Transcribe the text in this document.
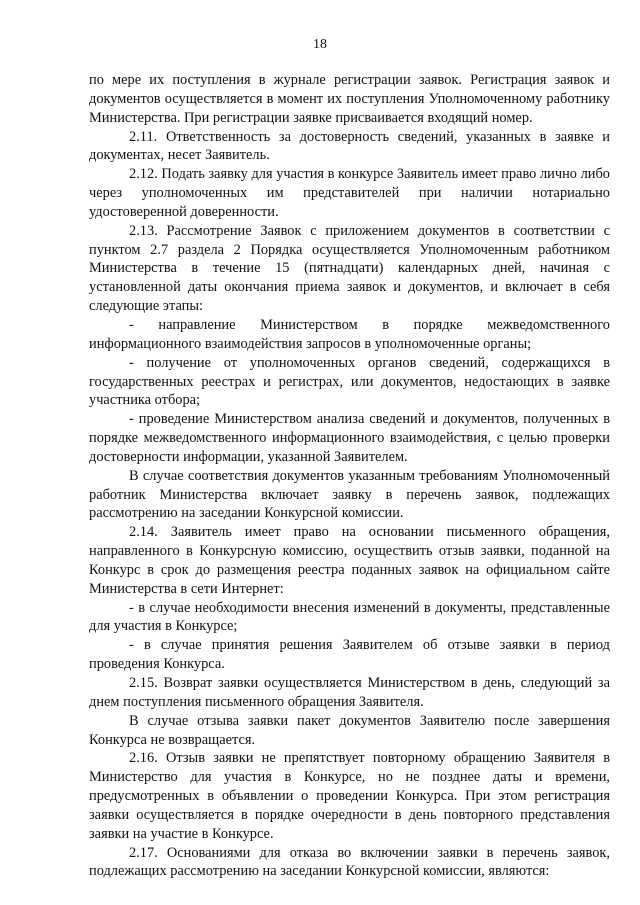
18

по мере их поступления в журнале регистрации заявок. Регистрация заявок и документов осуществляется в момент их поступления Уполномоченному работнику Министерства. При регистрации заявке присваивается входящий номер.

2.11. Ответственность за достоверность сведений, указанных в заявке и документах, несет Заявитель.

2.12. Подать заявку для участия в конкурсе Заявитель имеет право лично либо через уполномоченных им представителей при наличии нотариально удостоверенной доверенности.

2.13. Рассмотрение Заявок с приложением документов в соответствии с пунктом 2.7 раздела 2 Порядка осуществляется Уполномоченным работником Министерства в течение 15 (пятнадцати) календарных дней, начиная с установленной даты окончания приема заявок и документов, и включает в себя следующие этапы:

- направление Министерством в порядке межведомственного информационного взаимодействия запросов в уполномоченные органы;

- получение от уполномоченных органов сведений, содержащихся в государственных реестрах и регистрах, или документов, недостающих в заявке участника отбора;

- проведение Министерством анализа сведений и документов, полученных в порядке межведомственного информационного взаимодействия, с целью проверки достоверности информации, указанной Заявителем.

В случае соответствия документов указанным требованиям Уполномоченный работник Министерства включает заявку в перечень заявок, подлежащих рассмотрению на заседании Конкурсной комиссии.

2.14. Заявитель имеет право на основании письменного обращения, направленного в Конкурсную комиссию, осуществить отзыв заявки, поданной на Конкурс в срок до размещения реестра поданных заявок на официальном сайте Министерства в сети Интернет:

- в случае необходимости внесения изменений в документы, представленные для участия в Конкурсе;

- в случае принятия решения Заявителем об отзыве заявки в период проведения Конкурса.

2.15. Возврат заявки осуществляется Министерством в день, следующий за днем поступления письменного обращения Заявителя.

В случае отзыва заявки пакет документов Заявителю после завершения Конкурса не возвращается.

2.16. Отзыв заявки не препятствует повторному обращению Заявителя в Министерство для участия в Конкурсе, но не позднее даты и времени, предусмотренных в объявлении о проведении Конкурса. При этом регистрация заявки осуществляется в порядке очередности в день повторного представления заявки на участие в Конкурсе.

2.17. Основаниями для отказа во включении заявки в перечень заявок, подлежащих рассмотрению на заседании Конкурсной комиссии, являются:
